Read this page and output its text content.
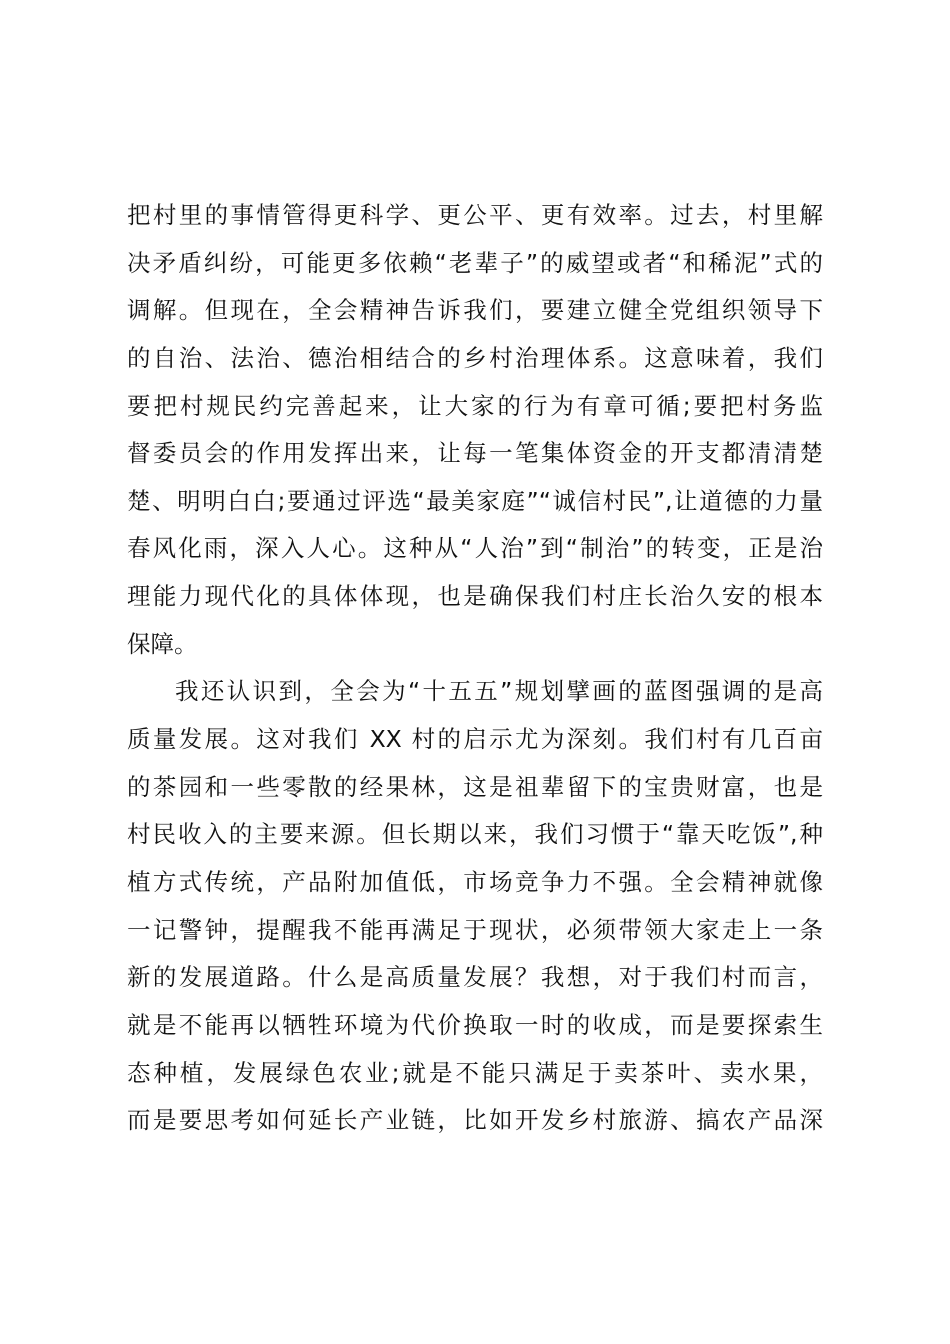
把村里的事情管得更科学、更公平、更有效率。过去，村里解
决矛盾纠纷，可能更多依赖“老辈子”的威望或者“和稀泥”式的
调解。但现在，全会精神告诉我们，要建立健全党组织领导下
的自治、法治、德治相结合的乡村治理体系。这意味着，我们
要把村规民约完善起来，让大家的行为有章可循;要把村务监
督委员会的作用发挥出来，让每一笔集体资金的开支都清清楚
楚、明明白白;要通过评选“最美家庭”“诚信村民”,让道德的力量
春风化雨，深入人心。这种从“人治”到“制治”的转变，正是治
理能力现代化的具体体现，也是确保我们村庄长治久安的根本
保障。
我还认识到，全会为“十五五”规划擘画的蓝图强调的是高
质量发展。这对我们 XX 村的启示尤为深刻。我们村有几百亩
的茶园和一些零散的经果林，这是祖辈留下的宝贵财富，也是
村民收入的主要来源。但长期以来，我们习惯于“靠天吃饭”,种
植方式传统，产品附加值低，市场竞争力不强。全会精神就像
一记警钟，提醒我不能再满足于现状，必须带领大家走上一条
新的发展道路。什么是高质量发展？我想，对于我们村而言，
就是不能再以牺牲环境为代价换取一时的收成，而是要探索生
态种植，发展绿色农业;就是不能只满足于卖茶叶、卖水果，
而是要思考如何延长产业链，比如开发乡村旅游、搞农产品深
